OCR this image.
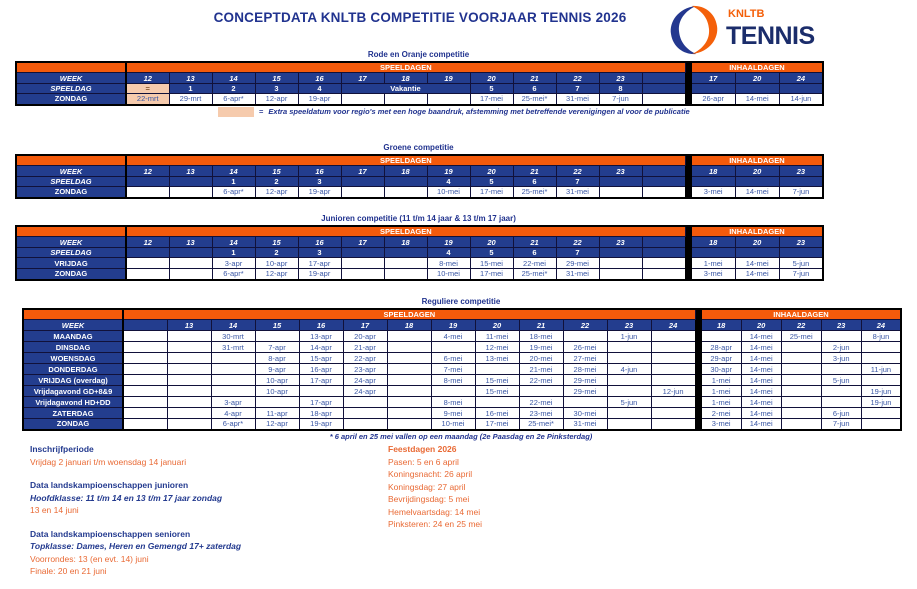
CONCEPTDATA KNLTB COMPETITIE VOORJAAR TENNIS 2026	KNLTB
TENNIS
Rode en Oranje competitie
	SPEELDAGEN														INHAALDAGEN		
WEEK	12	13	14	15	16	17	18	19	20	21	22	23			17	20	24
SPEELDAG	=	1	2	3	4	Vakantie			5	6	7	8					
ZONDAG	22-mrt	29-mrt	6-apr*	12-apr	19-apr				17-mei	25-mei*	31-mei	7-jun			26-apr	14-mei	14-jun
= Extra speeldatum voor regio's met een hoge baandruk, afstemming met betreffende verenigingen al voor de publicatie
Groene competitie
	SPEELDAGEN														INHAALDAGEN		
WEEK	12	13	14	15	16	17	18	19	20	21	22	23			18	20	23
SPEELDAG			1	2	3			4	5	6	7						
ZONDAG			6-apr*	12-apr	19-apr			10-mei	17-mei	25-mei*	31-mei				3-mei	14-mei	7-jun
Junioren competitie (11 t/m 14 jaar & 13 t/m 17 jaar)
	SPEELDAGEN														INHAALDAGEN		
WEEK	12	13	14	15	16	17	18	19	20	21	22	23			18	20	23
SPEELDAG			1	2	3			4	5	6	7						
VRIJDAG			3-apr	10-apr	17-apr			8-mei	15-mei	22-mei	29-mei				1-mei	14-mei	5-jun
ZONDAG			6-apr*	12-apr	19-apr			10-mei	17-mei	25-mei*	31-mei				3-mei	14-mei	7-jun
Reguliere competitie
	SPEELDAGEN														INHAALDAGEN				
WEEK		13	14	15	16	17	18	19	20	21	22	23	24		18	20	22	23	24
MAANDAG			30-mrt		13-apr	20-apr		4-mei	11-mei	18-mei		1-jun				14-mei	25-mei		8-jun
DINSDAG			31-mrt	7-apr	14-apr	21-apr			12-mei	19-mei	26-mei				28-apr	14-mei		2-jun	
WOENSDAG				8-apr	15-apr	22-apr		6-mei	13-mei	20-mei	27-mei				29-apr	14-mei		3-jun	
DONDERDAG				9-apr	16-apr	23-apr		7-mei		21-mei	28-mei	4-jun			30-apr	14-mei			11-jun
VRIJDAG (overdag)				10-apr	17-apr	24-apr		8-mei	15-mei	22-mei	29-mei				1-mei	14-mei		5-jun	
Vrijdagavond GD+8&9				10-apr		24-apr			15-mei		29-mei		12-jun		1-mei	14-mei			19-jun
Vrijdagavond HD+DD			3-apr		17-apr			8-mei		22-mei		5-jun			1-mei	14-mei			19-jun
ZATERDAG			4-apr	11-apr	18-apr			9-mei	16-mei	23-mei	30-mei				2-mei	14-mei		6-jun	
ZONDAG			6-apr*	12-apr	19-apr			10-mei	17-mei	25-mei*	31-mei				3-mei	14-mei		7-jun	
* 6 april en 25 mei vallen op een maandag (2e Paasdag en 2e Pinksterdag)
Inschrijfperiode
Vrijdag 2 januari t/m woensdag 14 januari
Data landskampioenschappen junioren
Hoofdklasse: 11 t/m 14 en 13 t/m 17 jaar zondag
13 en 14 juni
Data landskampioenschappen senioren
Topklasse: Dames, Heren en Gemengd 17+ zaterdag
Voorrondes: 13 (en evt. 14) juni
Finale: 20 en 21 juni
Feestdagen 2026
Pasen: 5 en 6 april
Koningsnacht: 26 april
Koningsdag: 27 april
Bevrijdingsdag: 5 mei
Hemelvaartsdag: 14 mei
Pinksteren: 24 en 25 mei
